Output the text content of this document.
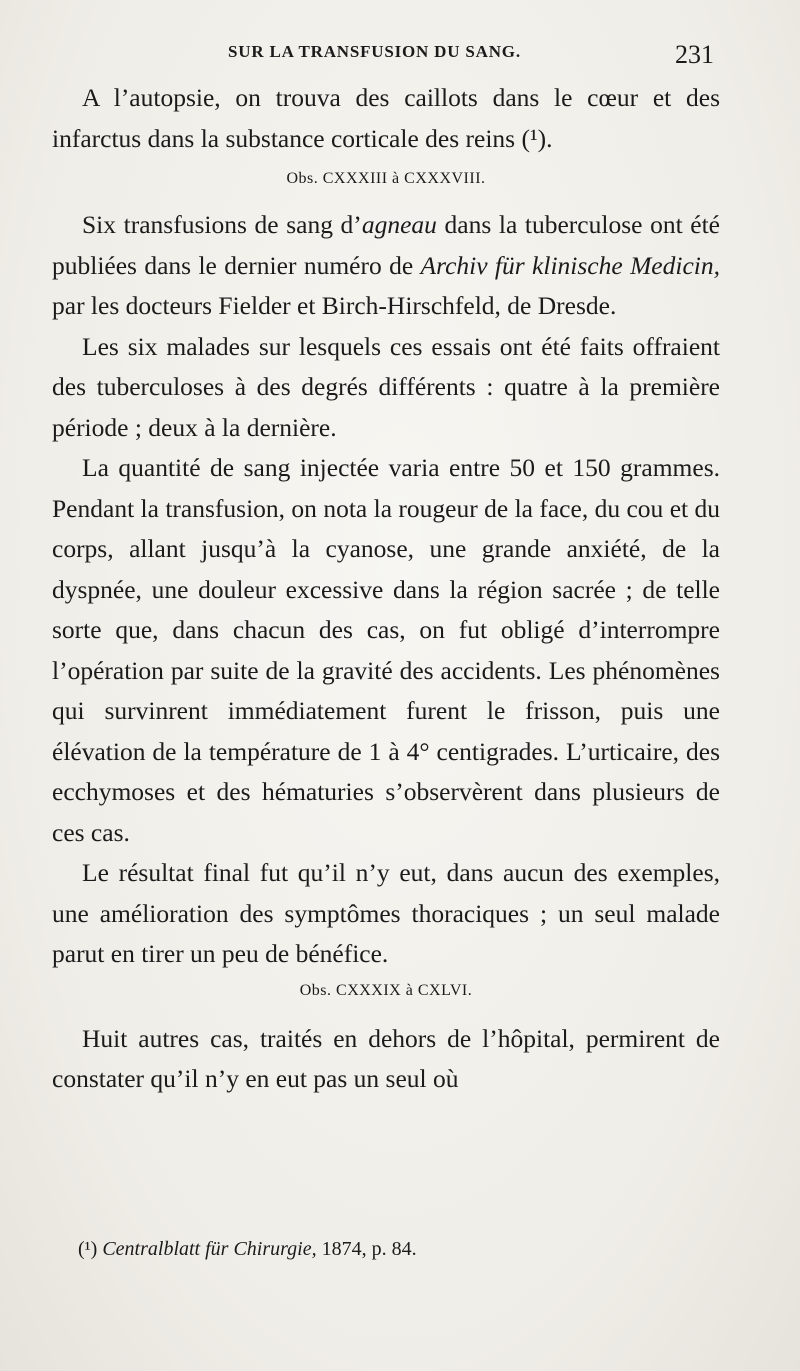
SUR LA TRANSFUSION DU SANG.	231

A l’autopsie, on trouva des caillots dans le cœur et des infarctus dans la substance corticale des reins (¹).

Obs. CXXXIII à CXXXVIII.

Six transfusions de sang d’agneau dans la tuberculose ont été publiées dans le dernier numéro de Archiv für klinische Medicin, par les docteurs Fielder et Birch-Hirschfeld, de Dresde.

Les six malades sur lesquels ces essais ont été faits offraient des tuberculoses à des degrés différents : quatre à la première période ; deux à la dernière.

La quantité de sang injectée varia entre 50 et 150 grammes. Pendant la transfusion, on nota la rougeur de la face, du cou et du corps, allant jusqu’à la cyanose, une grande anxiété, de la dyspnée, une douleur excessive dans la région sacrée ; de telle sorte que, dans chacun des cas, on fut obligé d’interrompre l’opération par suite de la gravité des accidents. Les phénomènes qui survinrent immédiatement furent le frisson, puis une élévation de la température de 1 à 4° centigrades. L’urticaire, des ecchymoses et des hématuries s’observèrent dans plusieurs de ces cas.

Le résultat final fut qu’il n’y eut, dans aucun des exemples, une amélioration des symptômes thoraciques ; un seul malade parut en tirer un peu de bénéfice.

Obs. CXXXIX à CXLVI.

Huit autres cas, traités en dehors de l’hôpital, permirent de constater qu’il n’y en eut pas un seul où

(¹) Centralblatt für Chirurgie, 1874, p. 84.
